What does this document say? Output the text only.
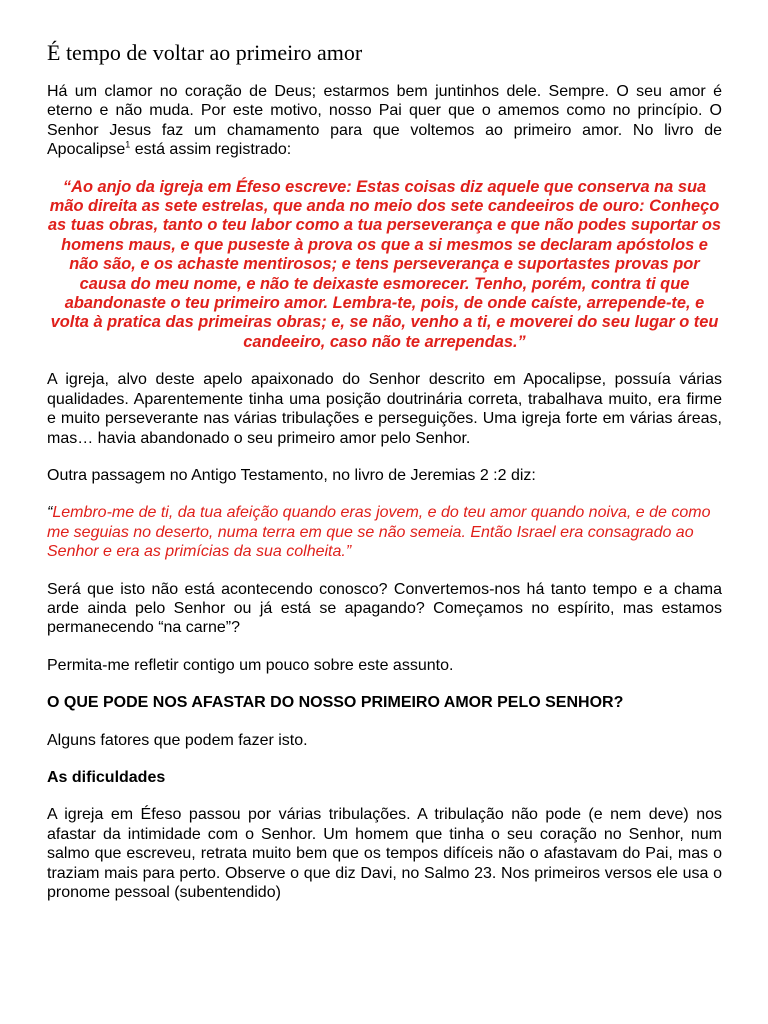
É tempo de voltar ao primeiro amor

Há um clamor no coração de Deus; estarmos bem juntinhos dele. Sempre. O seu amor é eterno e não muda. Por este motivo, nosso Pai quer que o amemos como no princípio. O Senhor Jesus faz um chamamento para que voltemos ao primeiro amor. No livro de Apocalipse$^1$ está assim registrado:

“Ao anjo da igreja em Éfeso escreve: Estas coisas diz aquele que conserva na sua mão direita as sete estrelas, que anda no meio dos sete candeeiros de ouro: Conheço as tuas obras, tanto o teu labor como a tua perseverança e que não podes suportar os homens maus, e que puseste à prova os que a si mesmos se declaram apóstolos e não são, e os achaste mentirosos; e tens perseverança e suportastes provas por causa do meu nome, e não te deixaste esmorecer. Tenho, porém, contra ti que abandonaste o teu primeiro amor. Lembra-te, pois, de onde caíste, arrepende-te, e volta à pratica das primeiras obras; e, se não, venho a ti, e moverei do seu lugar o teu candeeiro, caso não te arrependas.”

A igreja, alvo deste apelo apaixonado do Senhor descrito em Apocalipse, possuía várias qualidades. Aparentemente tinha uma posição doutrinária correta, trabalhava muito, era firme e muito perseverante nas várias tribulações e perseguições. Uma igreja forte em várias áreas, mas… havia abandonado o seu primeiro amor pelo Senhor.

Outra passagem no Antigo Testamento, no livro de Jeremias 2 :2 diz:

“Lembro-me de ti, da tua afeição quando eras jovem, e do teu amor quando noiva, e de como me seguias no deserto, numa terra em que se não semeia. Então Israel era consagrado ao Senhor e era as primícias da sua colheita.”

Será que isto não está acontecendo conosco? Convertemos-nos há tanto tempo e a chama arde ainda pelo Senhor ou já está se apagando? Começamos no espírito, mas estamos permanecendo “na carne”?

Permita-me refletir contigo um pouco sobre este assunto.

O QUE PODE NOS AFASTAR DO NOSSO PRIMEIRO AMOR PELO SENHOR?

Alguns fatores que podem fazer isto.

As dificuldades

A igreja em Éfeso passou por várias tribulações. A tribulação não pode (e nem deve) nos afastar da intimidade com o Senhor. Um homem que tinha o seu coração no Senhor, num salmo que escreveu, retrata muito bem que os tempos difíceis não o afastavam do Pai, mas o traziam mais para perto. Observe o que diz Davi, no Salmo 23. Nos primeiros versos ele usa o pronome pessoal (subentendido)
